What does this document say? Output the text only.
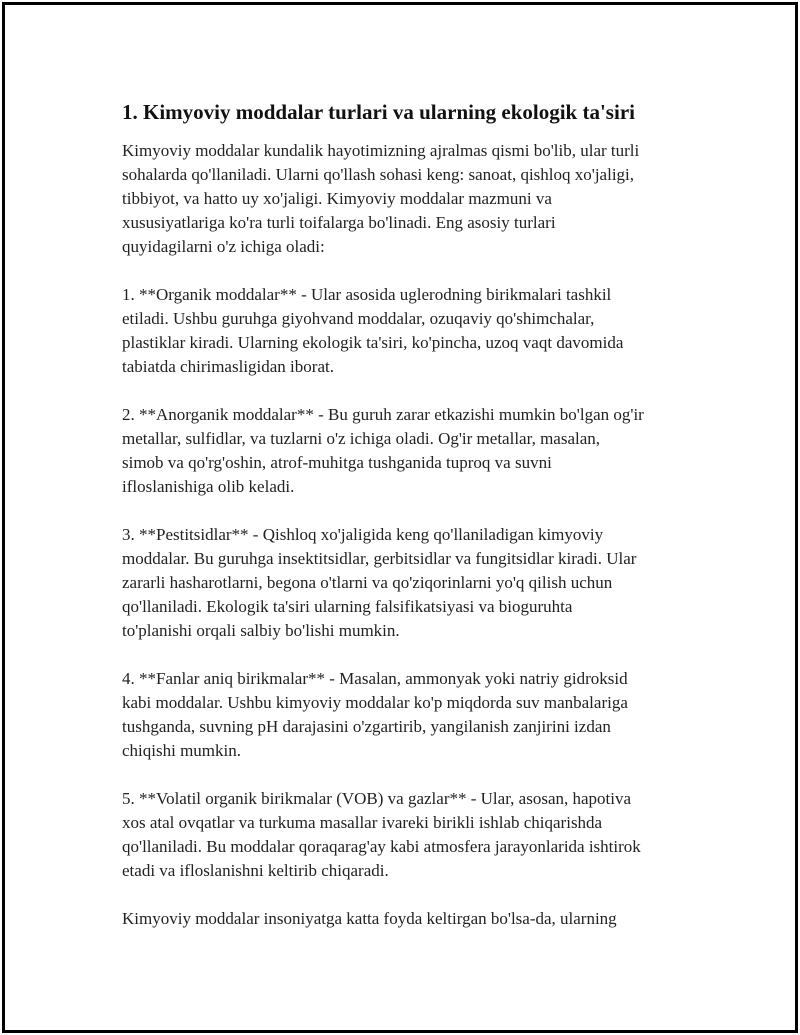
1. Kimyoviy moddalar turlari va ularning ekologik ta'siri

Kimyoviy moddalar kundalik hayotimizning ajralmas qismi bo'lib, ular turli
sohalarda qo'llaniladi. Ularni qo'llash sohasi keng: sanoat, qishloq xo'jaligi,
tibbiyot, va hatto uy xo'jaligi. Kimyoviy moddalar mazmuni va
xususiyatlariga ko'ra turli toifalarga bo'linadi. Eng asosiy turlari
quyidagilarni o'z ichiga oladi:

1. **Organik moddalar** - Ular asosida uglerodning birikmalari tashkil
etiladi. Ushbu guruhga giyohvand moddalar, ozuqaviy qo'shimchalar,
plastiklar kiradi. Ularning ekologik ta'siri, ko'pincha, uzoq vaqt davomida
tabiatda chirimasligidan iborat.

2. **Anorganik moddalar** - Bu guruh zarar etkazishi mumkin bo'lgan og'ir
metallar, sulfidlar, va tuzlarni o'z ichiga oladi. Og'ir metallar, masalan,
simob va qo'rg'oshin, atrof-muhitga tushganida tuproq va suvni
ifloslanishiga olib keladi.

3. **Pestitsidlar** - Qishloq xo'jaligida keng qo'llaniladigan kimyoviy
moddalar. Bu guruhga insektitsidlar, gerbitsidlar va fungitsidlar kiradi. Ular
zararli hasharotlarni, begona o'tlarni va qo'ziqorinlarni yo'q qilish uchun
qo'llaniladi. Ekologik ta'siri ularning falsifikatsiyasi va bioguruhta
to'planishi orqali salbiy bo'lishi mumkin.

4. **Fanlar aniq birikmalar** - Masalan, ammonyak yoki natriy gidroksid
kabi moddalar. Ushbu kimyoviy moddalar ko'p miqdorda suv manbalariga
tushganda, suvning pH darajasini o'zgartirib, yangilanish zanjirini izdan
chiqishi mumkin.

5. **Volatil organik birikmalar (VOB) va gazlar** - Ular, asosan, hapotiva
xos atal ovqatlar va turkuma masallar ivareki birikli ishlab chiqarishda
qo'llaniladi. Bu moddalar qoraqarag'ay kabi atmosfera jarayonlarida ishtirok
etadi va ifloslanishni keltirib chiqaradi.

Kimyoviy moddalar insoniyatga katta foyda keltirgan bo'lsa-da, ularning
